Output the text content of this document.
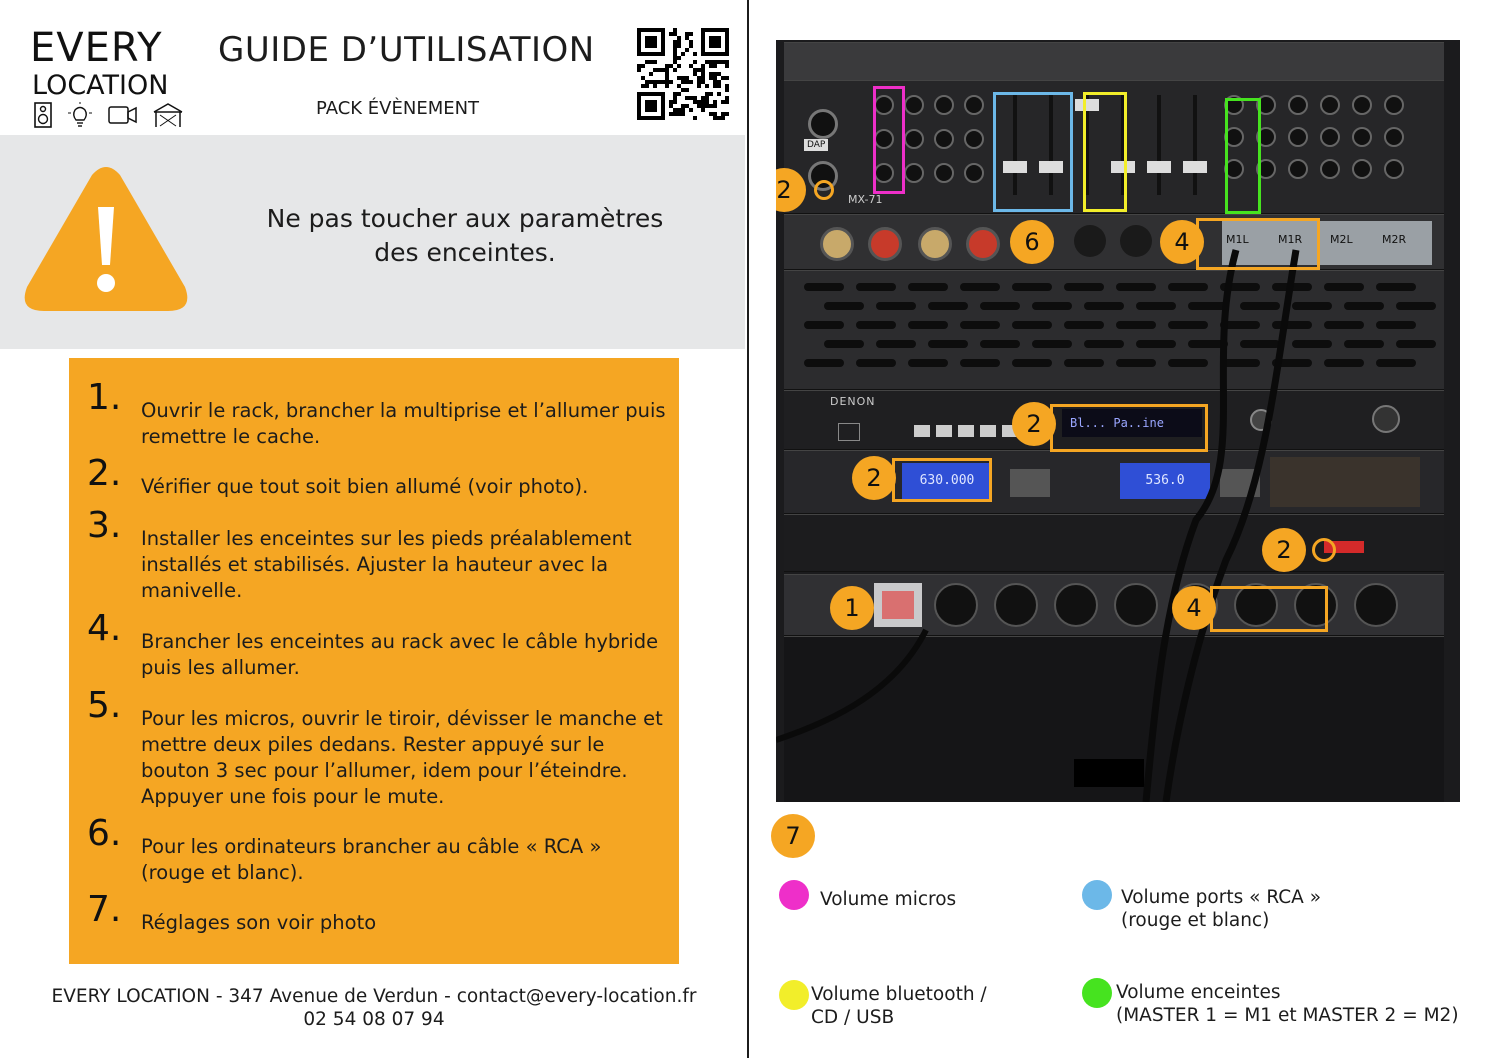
EVERY
LOCATION
GUIDE D’UTILISATION
PACK ÉVÈNEMENT
Ne pas toucher aux paramètres
des enceintes.
1. Ouvrir le rack, brancher la multiprise et l’allumer puis remettre le cache.
2. Vérifier que tout soit bien allumé (voir photo).
3. Installer les enceintes sur les pieds préalablement installés et stabilisés. Ajuster la hauteur avec la manivelle.
4. Brancher les enceintes au rack avec le câble hybride puis les allumer.
5. Pour les micros, ouvrir le tiroir, dévisser le manche et mettre deux piles dedans. Rester appuyé sur le bouton 3 sec pour l’allumer, idem pour l’éteindre. Appuyer une fois pour le mute.
6. Pour les ordinateurs brancher au câble « RCA » (rouge et blanc).
7. Réglages son voir photo
EVERY LOCATION - 347 Avenue de Verdun - contact@every-location.fr
02 54 08 07 94
DAP
MX-71
M1L	M1R	M2L	M2R
DENON
Bl... Pa..ine
630.000	536.0
2
6	4
2
2
2
1	4
7
Volume micros	Volume ports « RCA »
(rouge et blanc)
Volume bluetooth /
CD / USB
Volume enceintes
(MASTER 1 = M1 et MASTER 2 = M2)
